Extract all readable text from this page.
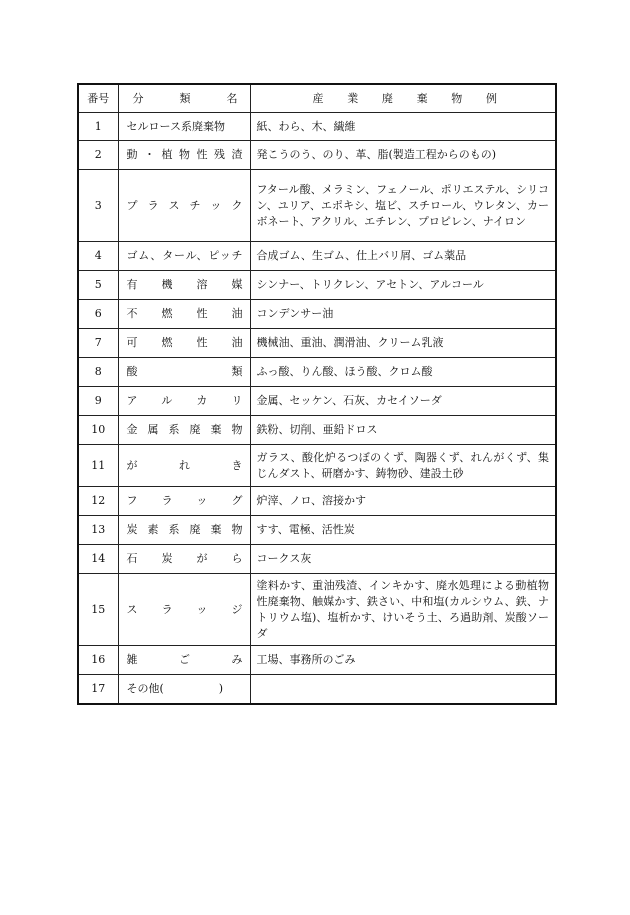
番号	分　類　名	産　業　廃　棄　物　例
1	セルロース系廃棄物	紙、わら、木、繊維
2	動・植物性残渣	発こうのう、のり、革、脂(製造工程からのもの)
3	プラスチック	フタール酸、メラミン、フェノール、ポリエステル、シリコン、ユリア、エポキシ、塩ビ、スチロール、ウレタン、カーボネート、アクリル、エチレン、プロピレン、ナイロン
4	ゴム、タール、ピッチ	合成ゴム、生ゴム、仕上バリ屑、ゴム薬品
5	有機溶媒	シンナー、トリクレン、アセトン、アルコール
6	不燃性油	コンデンサー油
7	可燃性油	機械油、重油、潤滑油、クリーム乳液
8	酸類	ふっ酸、りん酸、ほう酸、クロム酸
9	アルカリ	金属、セッケン、石灰、カセイソーダ
10	金属系廃棄物	鉄粉、切削、亜鉛ドロス
11	がれき	ガラス、酸化炉るつぼのくず、陶器くず、れんがくず、集じんダスト、研磨かす、鋳物砂、建設土砂
12	フラッグ	炉滓、ノロ、溶接かす
13	炭素系廃棄物	すす、電極、活性炭
14	石炭がら	コークス灰
15	スラッジ	塗料かす、重油残渣、インキかす、廃水処理による動植物性廃棄物、触媒かす、鉄さい、中和塩(カルシウム、鉄、ナトリウム塩)、塩析かす、けいそう土、ろ過助剤、炭酸ソーダ
16	雑ごみ	工場、事務所のごみ
17	その他(　　　　　)	
